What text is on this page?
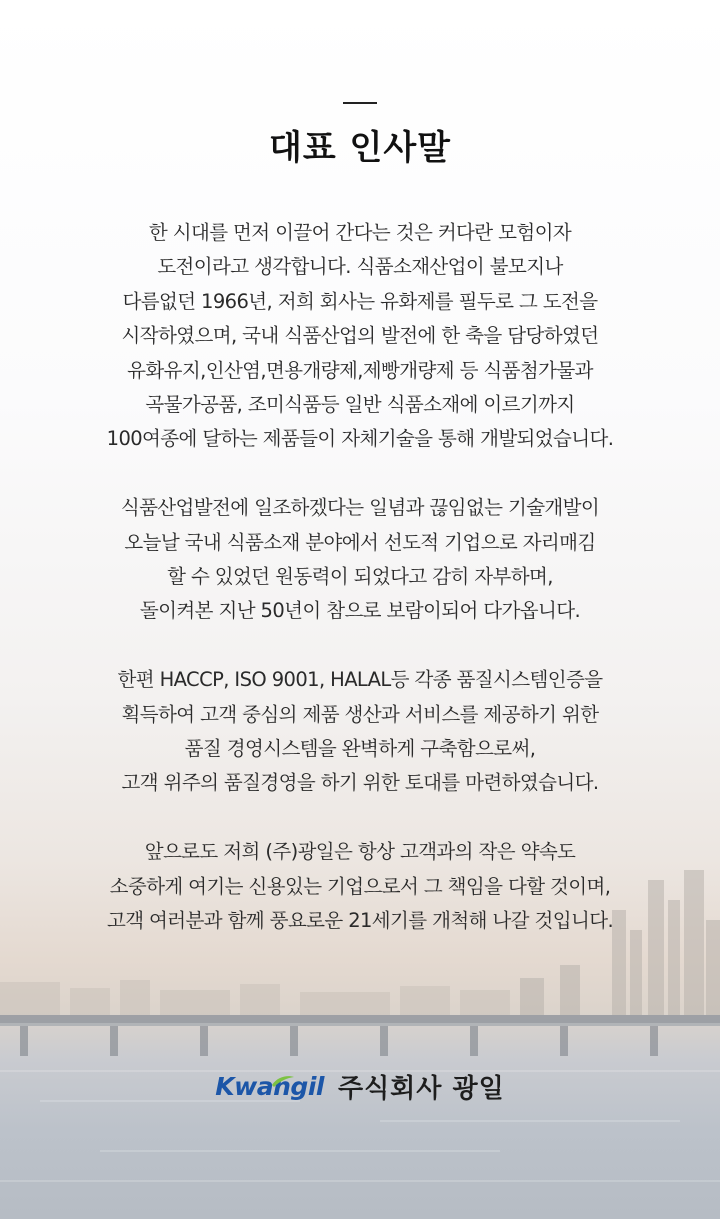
대표 인사말

한 시대를 먼저 이끌어 간다는 것은 커다란 모험이자
도전이라고 생각합니다. 식품소재산업이 불모지나
다름없던 1966년, 저희 회사는 유화제를 필두로 그 도전을
시작하였으며, 국내 식품산업의 발전에 한 축을 담당하였던
유화유지,인산염,면용개량제,제빵개량제 등 식품첨가물과
곡물가공품, 조미식품등 일반 식품소재에 이르기까지
100여종에 달하는 제품들이 자체기술을 통해 개발되었습니다.

식품산업발전에 일조하겠다는 일념과 끊임없는 기술개발이
오늘날 국내 식품소재 분야에서 선도적 기업으로 자리매김
할 수 있었던 원동력이 되었다고 감히 자부하며,
돌이켜본 지난 50년이 참으로 보람이되어 다가옵니다.

한편 HACCP, ISO 9001, HALAL등 각종 품질시스템인증을
획득하여 고객 중심의 제품 생산과 서비스를 제공하기 위한
품질 경영시스템을 완벽하게 구축함으로써,
고객 위주의 품질경영을 하기 위한 토대를 마련하였습니다.

앞으로도 저희 (주)광일은 항상 고객과의 작은 약속도
소중하게 여기는 신용있는 기업으로서 그 책임을 다할 것이며,
고객 여러분과 함께 풍요로운 21세기를 개척해 나갈 것입니다.

Kwangil 주식회사 광일
